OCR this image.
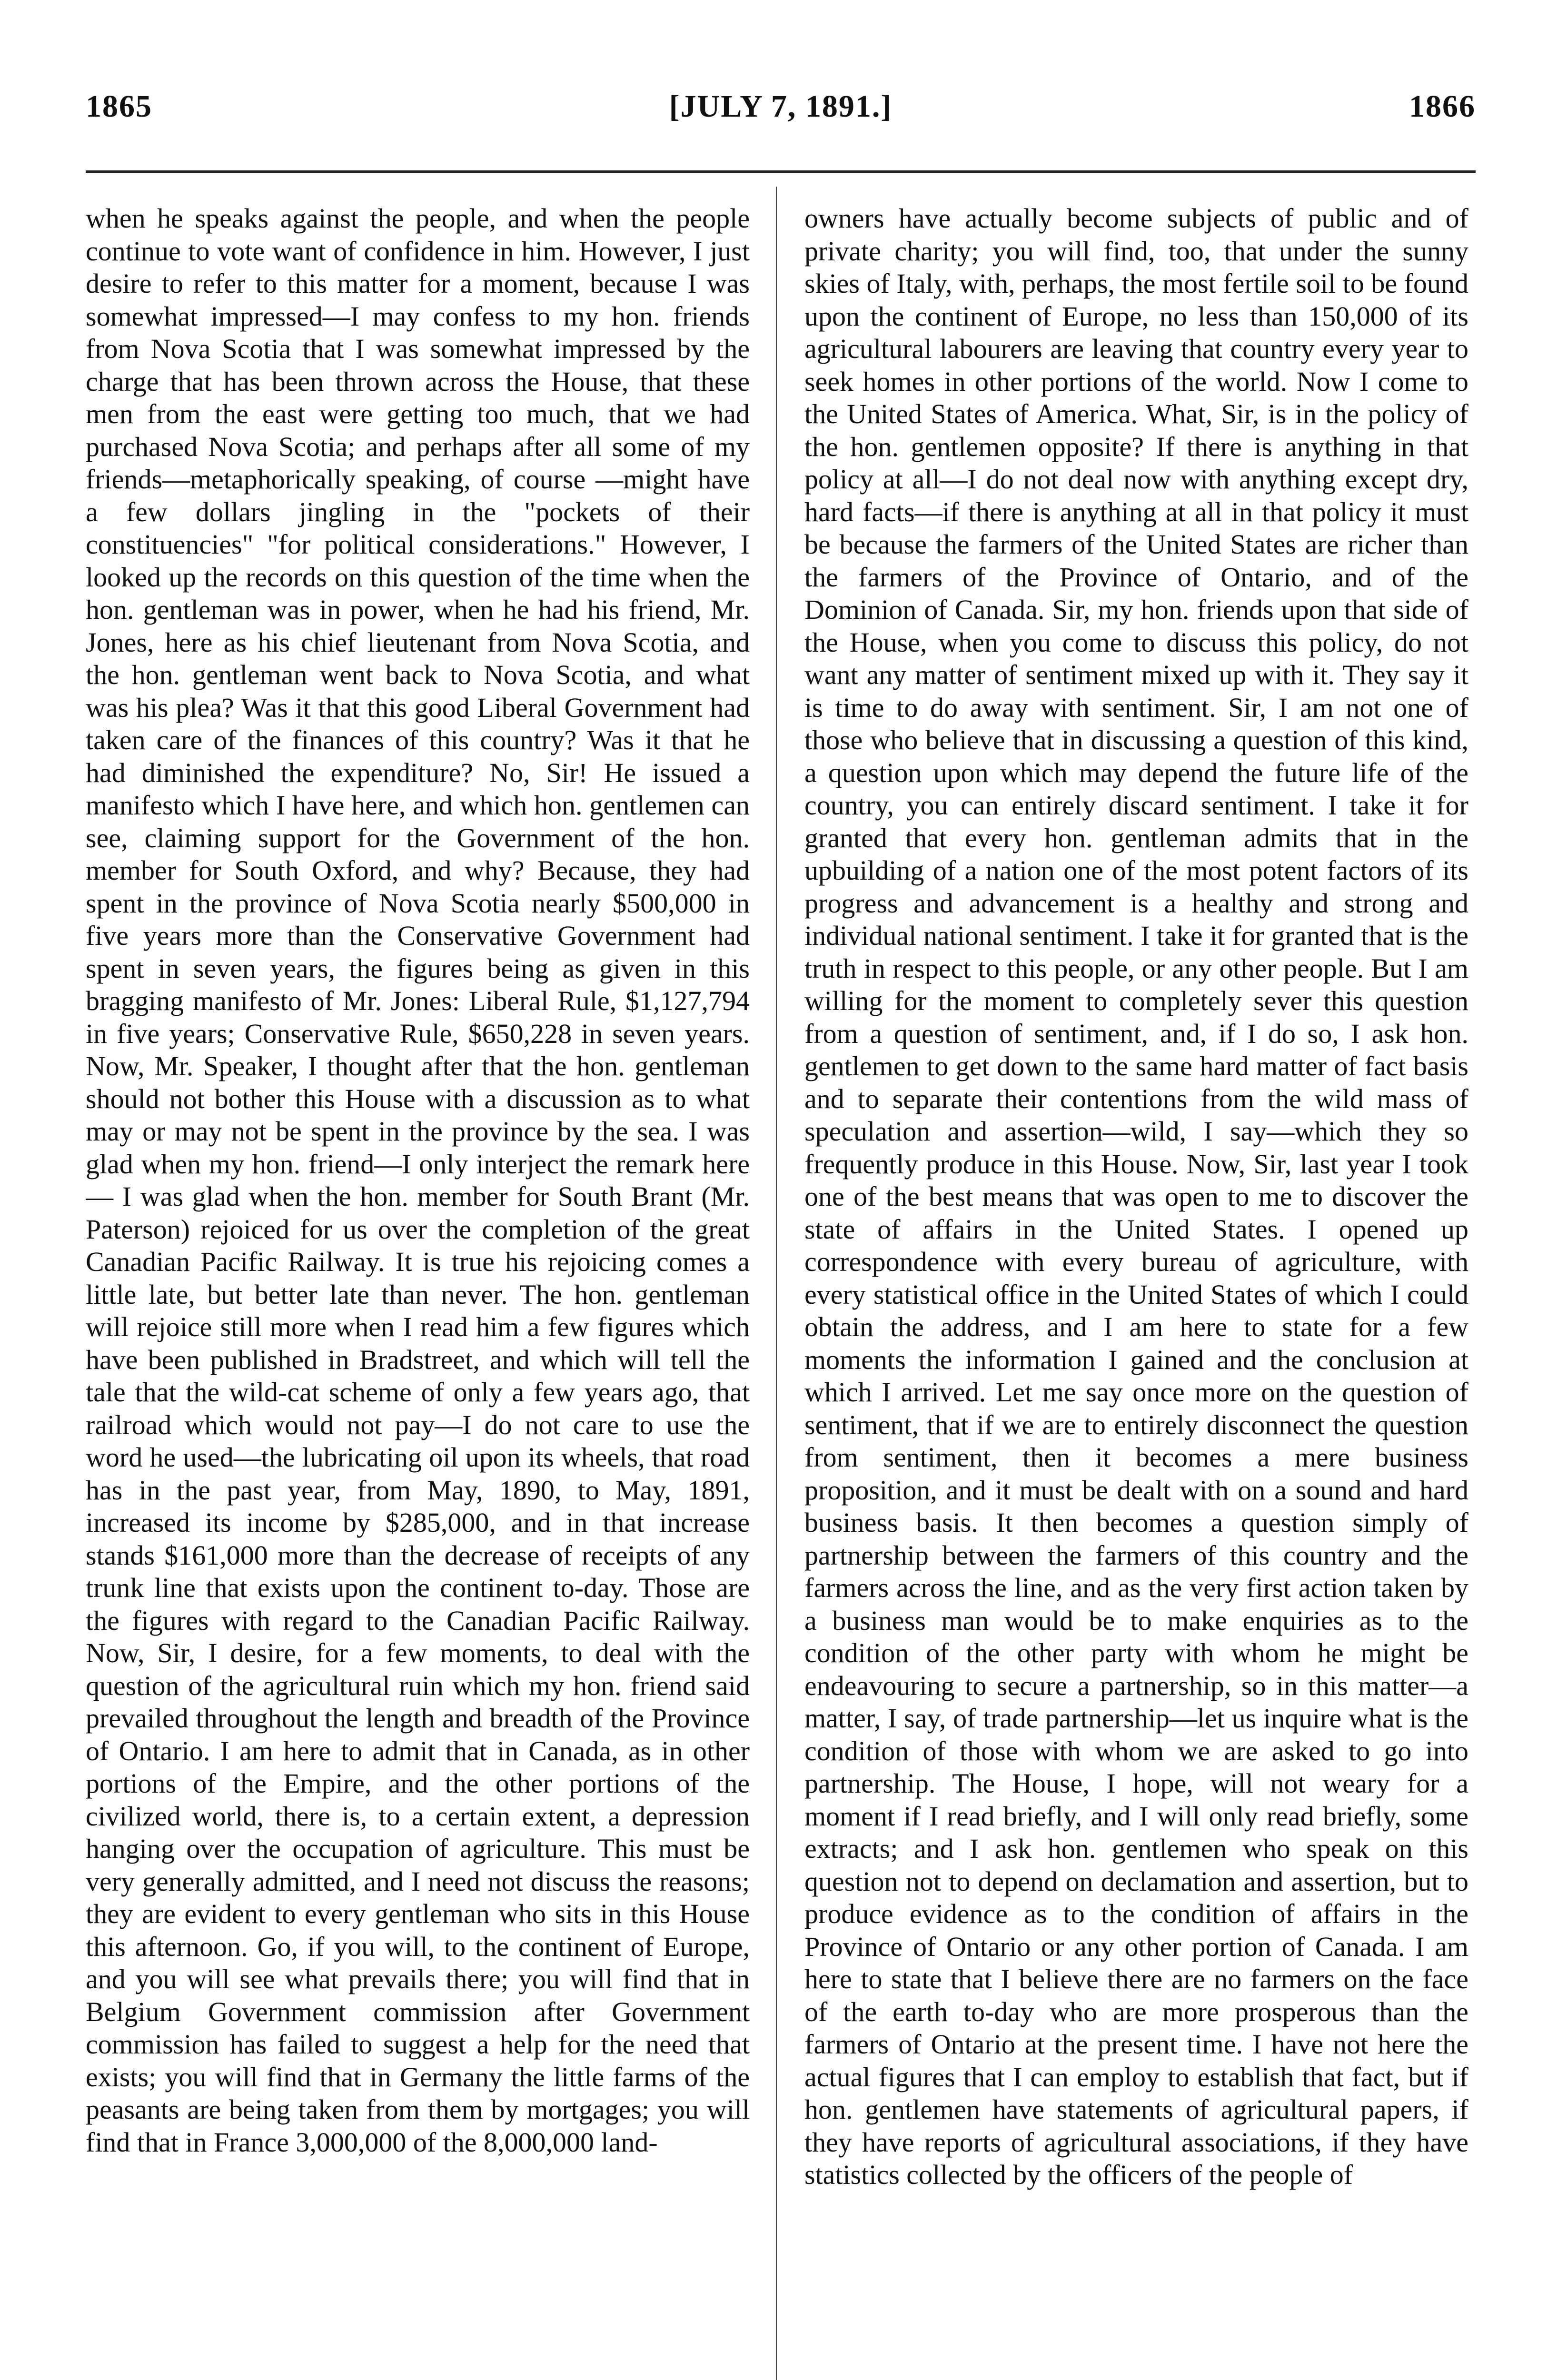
1865	[JULY 7, 1891.]	1866
when he speaks against the people, and when the people continue to vote want of confidence in him. However, I just desire to refer to this matter for a moment, because I was somewhat impressed—I may confess to my hon. friends from Nova Scotia that I was somewhat impressed by the charge that has been thrown across the House, that these men from the east were getting too much, that we had purchased Nova Scotia; and perhaps after all some of my friends—metaphorically speaking, of course —might have a few dollars jingling in the "pockets of their constituencies" "for political considerations." However, I looked up the records on this question of the time when the hon. gentleman was in power, when he had his friend, Mr. Jones, here as his chief lieutenant from Nova Scotia, and the hon. gentleman went back to Nova Scotia, and what was his plea? Was it that this good Liberal Government had taken care of the finances of this country? Was it that he had diminished the expenditure? No, Sir! He issued a manifesto which I have here, and which hon. gentlemen can see, claiming support for the Government of the hon. member for South Oxford, and why? Because, they had spent in the province of Nova Scotia nearly $500,000 in five years more than the Conservative Government had spent in seven years, the figures being as given in this bragging manifesto of Mr. Jones: Liberal Rule, $1,127,794 in five years; Conservative Rule, $650,228 in seven years. Now, Mr. Speaker, I thought after that the hon. gentleman should not bother this House with a discussion as to what may or may not be spent in the province by the sea. I was glad when my hon. friend—I only interject the remark here— I was glad when the hon. member for South Brant (Mr. Paterson) rejoiced for us over the completion of the great Canadian Pacific Railway. It is true his rejoicing comes a little late, but better late than never. The hon. gentleman will rejoice still more when I read him a few figures which have been published in Bradstreet, and which will tell the tale that the wild-cat scheme of only a few years ago, that railroad which would not pay—I do not care to use the word he used—the lubricating oil upon its wheels, that road has in the past year, from May, 1890, to May, 1891, increased its income by $285,000, and in that increase stands $161,000 more than the decrease of receipts of any trunk line that exists upon the continent to-day. Those are the figures with regard to the Canadian Pacific Railway. Now, Sir, I desire, for a few moments, to deal with the question of the agricultural ruin which my hon. friend said prevailed throughout the length and breadth of the Province of Ontario. I am here to admit that in Canada, as in other portions of the Empire, and the other portions of the civilized world, there is, to a certain extent, a depression hanging over the occupation of agriculture. This must be very generally admitted, and I need not discuss the reasons; they are evident to every gentleman who sits in this House this afternoon. Go, if you will, to the continent of Europe, and you will see what prevails there; you will find that in Belgium Government commission after Government commission has failed to suggest a help for the need that exists; you will find that in Germany the little farms of the peasants are being taken from them by mortgages; you will find that in France 3,000,000 of the 8,000,000 land-
owners have actually become subjects of public and of private charity; you will find, too, that under the sunny skies of Italy, with, perhaps, the most fertile soil to be found upon the continent of Europe, no less than 150,000 of its agricultural labourers are leaving that country every year to seek homes in other portions of the world. Now I come to the United States of America. What, Sir, is in the policy of the hon. gentlemen opposite? If there is anything in that policy at all—I do not deal now with anything except dry, hard facts—if there is anything at all in that policy it must be because the farmers of the United States are richer than the farmers of the Province of Ontario, and of the Dominion of Canada. Sir, my hon. friends upon that side of the House, when you come to discuss this policy, do not want any matter of sentiment mixed up with it. They say it is time to do away with sentiment. Sir, I am not one of those who believe that in discussing a question of this kind, a question upon which may depend the future life of the country, you can entirely discard sentiment. I take it for granted that every hon. gentleman admits that in the upbuilding of a nation one of the most potent factors of its progress and advancement is a healthy and strong and individual national sentiment. I take it for granted that is the truth in respect to this people, or any other people. But I am willing for the moment to completely sever this question from a question of sentiment, and, if I do so, I ask hon. gentlemen to get down to the same hard matter of fact basis and to separate their contentions from the wild mass of speculation and assertion—wild, I say—which they so frequently produce in this House. Now, Sir, last year I took one of the best means that was open to me to discover the state of affairs in the United States. I opened up correspondence with every bureau of agriculture, with every statistical office in the United States of which I could obtain the address, and I am here to state for a few moments the information I gained and the conclusion at which I arrived. Let me say once more on the question of sentiment, that if we are to entirely disconnect the question from sentiment, then it becomes a mere business proposition, and it must be dealt with on a sound and hard business basis. It then becomes a question simply of partnership between the farmers of this country and the farmers across the line, and as the very first action taken by a business man would be to make enquiries as to the condition of the other party with whom he might be endeavouring to secure a partnership, so in this matter—a matter, I say, of trade partnership—let us inquire what is the condition of those with whom we are asked to go into partnership. The House, I hope, will not weary for a moment if I read briefly, and I will only read briefly, some extracts; and I ask hon. gentlemen who speak on this question not to depend on declamation and assertion, but to produce evidence as to the condition of affairs in the Province of Ontario or any other portion of Canada. I am here to state that I believe there are no farmers on the face of the earth to-day who are more prosperous than the farmers of Ontario at the present time. I have not here the actual figures that I can employ to establish that fact, but if hon. gentlemen have statements of agricultural papers, if they have reports of agricultural associations, if they have statistics collected by the officers of the people of
